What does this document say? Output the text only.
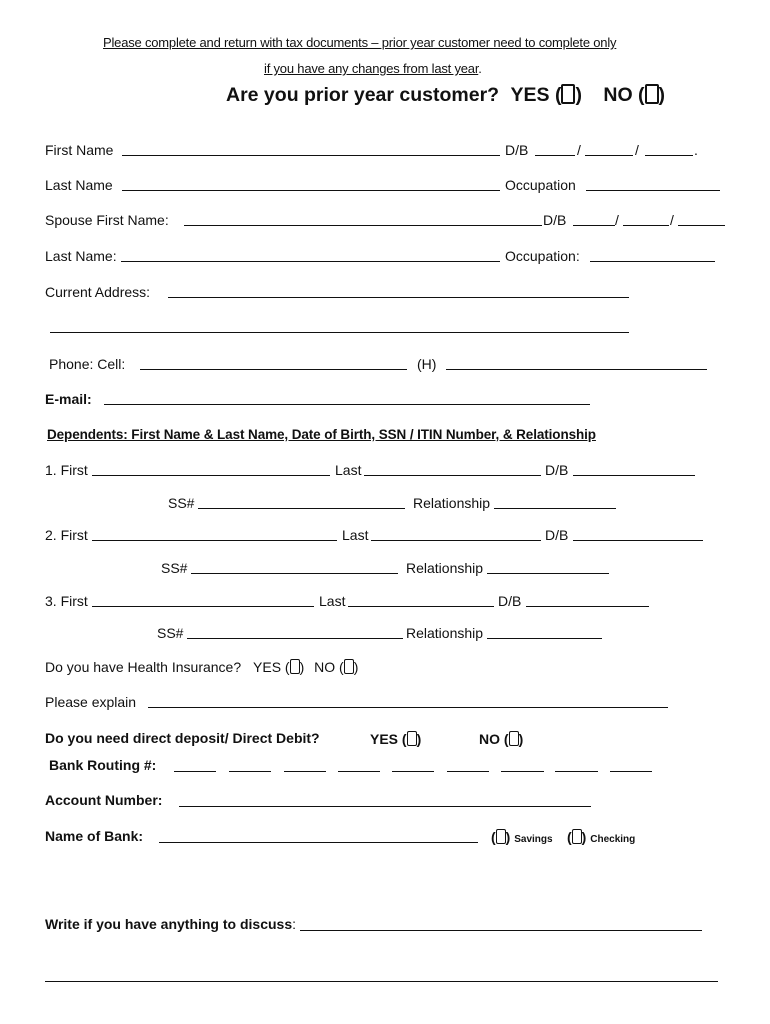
Please complete and return with tax documents – prior year customer need to complete only
if you have any changes from last year.
Are you prior year customer? YES ( ) NO ( )
First Name	D/B	/	/	.
Last Name	Occupation
Spouse First Name:	D/B	/	/
Last Name:	Occupation:
Current Address:
Phone: Cell:	(H)
E-mail:
Dependents: First Name & Last Name, Date of Birth, SSN / ITIN Number, & Relationship
1. First	Last	D/B
SS#	Relationship
2. First	Last	D/B
SS#	Relationship
3. First	Last	D/B
SS#	Relationship
Do you have Health Insurance? YES ( ) NO ( )
Please explain
Do you need direct deposit/ Direct Debit?	YES ( )	NO ( )
Bank Routing #:
Account Number:
Name of Bank:	( ) Savings ( ) Checking
Write if you have anything to discuss:
